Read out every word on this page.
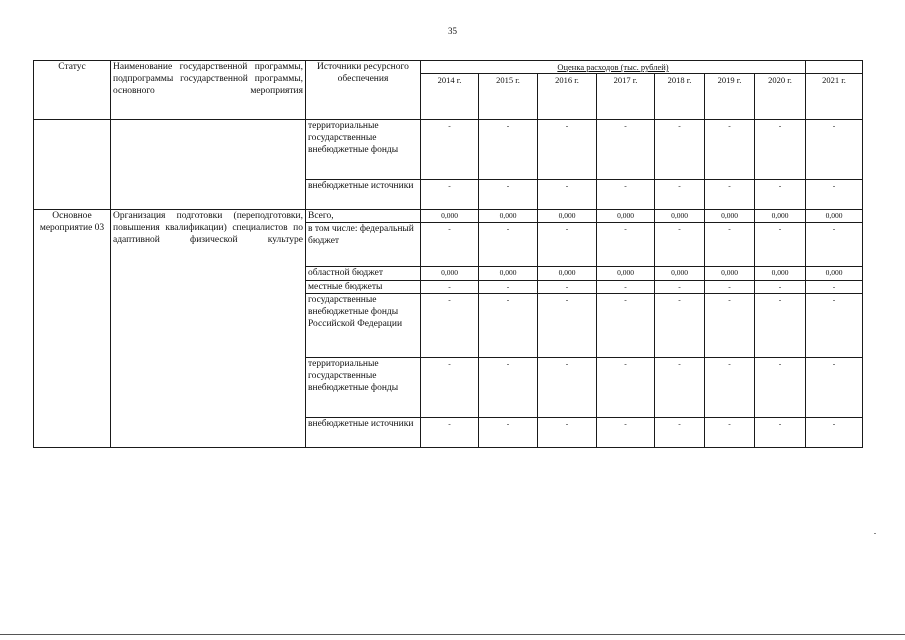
35
Статус	Наименование государственной программы, подпрограммы государственной программы, основного мероприятия	Источники ресурсного обеспечения	Оценка расходов (тыс. рублей)							
			2014 г.	2015 г.	2016 г.	2017 г.	2018 г.	2019 г.	2020 г.	2021 г.
		территориальные государственные внебюджетные фонды	-	-	-	-	-	-	-	-
		внебюджетные источники	-	-	-	-	-	-	-	-
Основное мероприятие 03	Организация подготовки (переподготовки, повышения квалификации) специалистов по адаптивной физической культуре	Всего,	0,000	0,000	0,000	0,000	0,000	0,000	0,000	0,000
		в том числе: федеральный бюджет	-	-	-	-	-	-	-	-
		областной бюджет	0,000	0,000	0,000	0,000	0,000	0,000	0,000	0,000
		местные бюджеты	-	-	-	-	-	-	-	-
		государственные внебюджетные фонды Российской Федерации	-	-	-	-	-	-	-	-
		территориальные государственные внебюджетные фонды	-	-	-	-	-	-	-	-
		внебюджетные источники	-	-	-	-	-	-	-	-
